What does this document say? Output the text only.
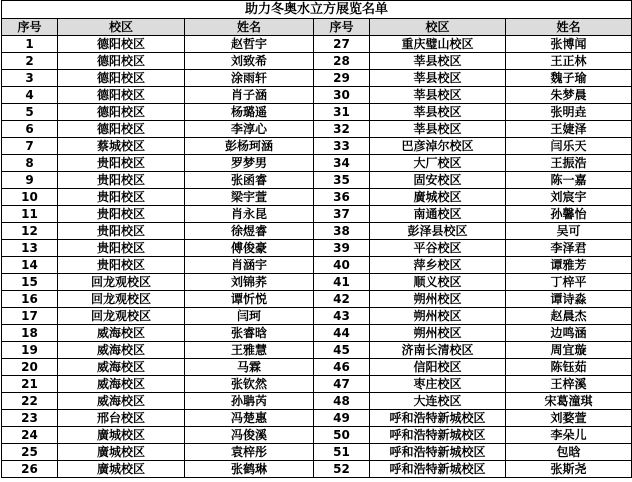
助力冬奥水立方展览名单					
序号	校区	姓名	序号	校区	姓名
1	德阳校区	赵哲宇	27	重庆璧山校区	张博闻
2	德阳校区	刘致希	28	莘县校区	王正林
3	德阳校区	涂雨轩	29	莘县校区	魏子瑜
4	德阳校区	肖子涵	30	莘县校区	朱梦晨
5	德阳校区	杨璐遥	31	莘县校区	张明垚
6	德阳校区	李淳心	32	莘县校区	王婕泽
7	蔡城校区	彭杨珂涵	33	巴彦淖尔校区	闫乐天
8	贵阳校区	罗梦男	34	大厂校区	王振浩
9	贵阳校区	张函睿	35	固安校区	陈一嘉
10	贵阳校区	梁宇萱	36	廣城校区	刘宸宇
11	贵阳校区	肖永昆	37	南通校区	孙馨怡
12	贵阳校区	徐煜睿	38	彭泽县校区	吴可
13	贵阳校区	傅俊豪	39	平谷校区	李泽君
14	贵阳校区	肖涵宇	40	萍乡校区	谭雅芳
15	回龙观校区	刘锦荞	41	顺义校区	丁梓平
16	回龙观校区	谭忻悦	42	朔州校区	谭诗淼
17	回龙观校区	闫珂	43	朔州校区	赵晨杰
18	威海校区	张睿晗	44	朔州校区	边鸣涵
19	威海校区	王雅慧	45	济南长清校区	周宜璇
20	威海校区	马霖	46	信阳校区	陈钰茹
21	威海校区	张钦然	47	枣庄校区	王梓溪
22	威海校区	孙聃芮	48	大连校区	宋葛潼琪
23	邢台校区	冯楚惠	49	呼和浩特新城校区	刘婺萱
24	廣城校区	冯俊溪	50	呼和浩特新城校区	李朵儿
25	廣城校区	袁梓彤	51	呼和浩特新城校区	包晗
26	廣城校区	张鹤琳	52	呼和浩特新城校区	张斯尧
